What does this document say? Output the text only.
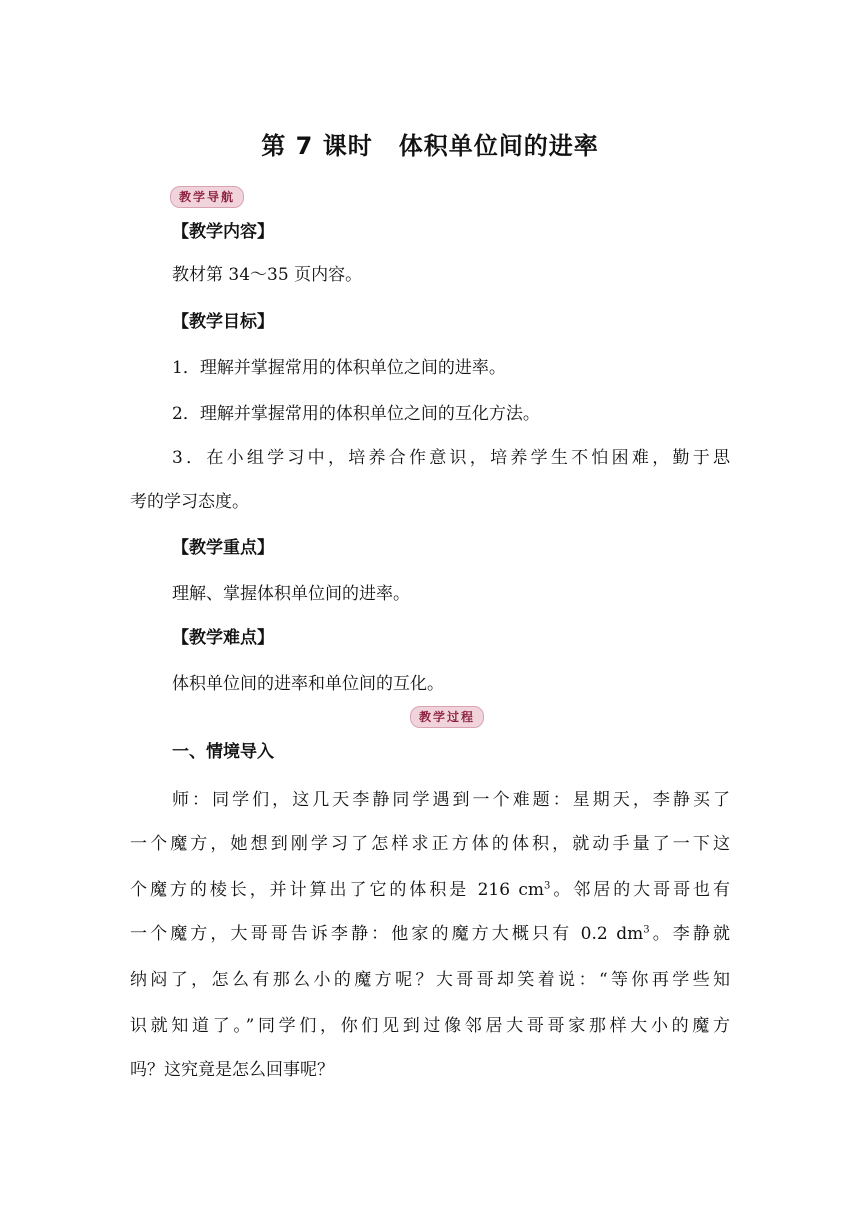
第 7 课时 体积单位间的进率
教学导航
【教学内容】
教材第 34～35 页内容。
【教学目标】
1．理解并掌握常用的体积单位之间的进率。
2．理解并掌握常用的体积单位之间的互化方法。
3．在小组学习中，培养合作意识，培养学生不怕困难，勤于思
考的学习态度。
【教学重点】
理解、掌握体积单位间的进率。
【教学难点】
体积单位间的进率和单位间的互化。
教学过程
一、情境导入
师：同学们，这几天李静同学遇到一个难题：星期天，李静买了
一个魔方，她想到刚学习了怎样求正方体的体积，就动手量了一下这
个魔方的棱长，并计算出了它的体积是 216 $cm^3$。邻居的大哥哥也有
一个魔方，大哥哥告诉李静：他家的魔方大概只有 0.2 $dm^3$。李静就
纳闷了，怎么有那么小的魔方呢？大哥哥却笑着说：“等你再学些知
识就知道了。”同学们，你们见到过像邻居大哥哥家那样大小的魔方
吗？这究竟是怎么回事呢？
